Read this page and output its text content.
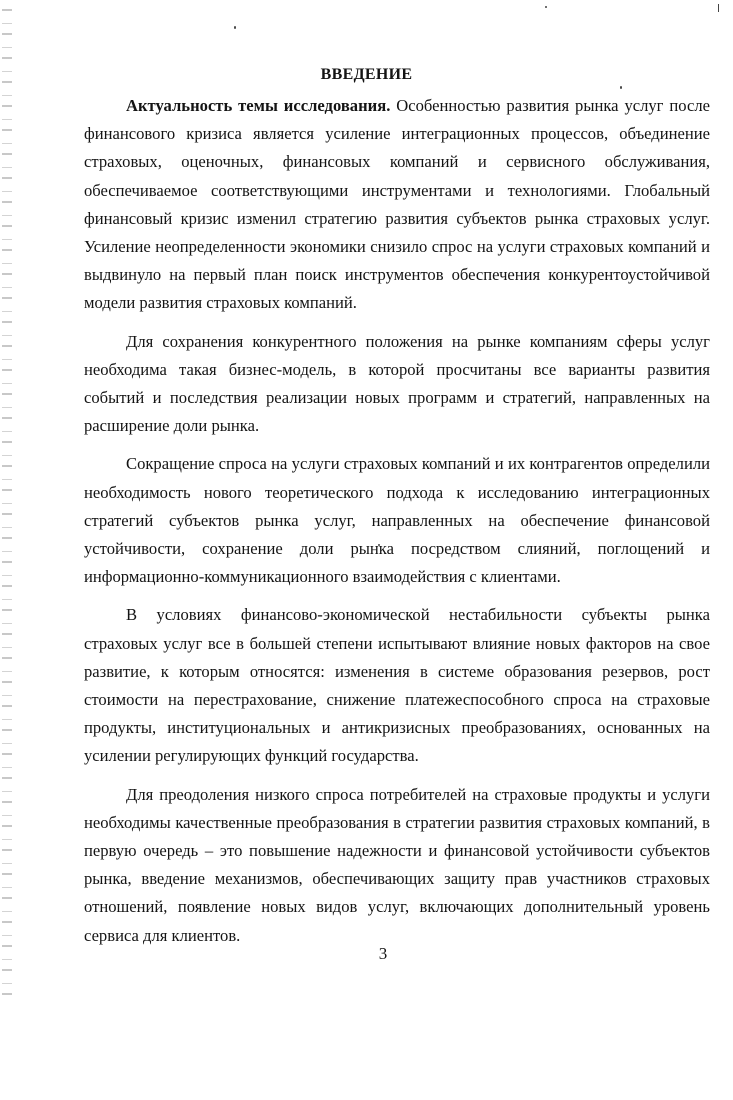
ВВЕДЕНИЕ

Актуальность темы исследования. Особенностью развития рынка услуг после финансового кризиса является усиление интеграционных процессов, объединение страховых, оценочных, финансовых компаний и сервисного обслуживания, обеспечиваемое соответствующими инструментами и технологиями. Глобальный финансовый кризис изменил стратегию развития субъектов рынка страховых услуг. Усиление неопределенности экономики снизило спрос на услуги страховых компаний и выдвинуло на первый план поиск инструментов обеспечения конкурентоустойчивой модели развития страховых компаний.

Для сохранения конкурентного положения на рынке компаниям сферы услуг необходима такая бизнес-модель, в которой просчитаны все варианты развития событий и последствия реализации новых программ и стратегий, направленных на расширение доли рынка.

Сокращение спроса на услуги страховых компаний и их контрагентов определили необходимость нового теоретического подхода к исследованию интеграционных стратегий субъектов рынка услуг, направленных на обеспечение финансовой устойчивости, сохранение доли рынка посредством слияний, поглощений и информационно-коммуникационного взаимодействия с клиентами.

В условиях финансово-экономической нестабильности субъекты рынка страховых услуг все в большей степени испытывают влияние новых факторов на свое развитие, к которым относятся: изменения в системе образования резервов, рост стоимости на перестрахование, снижение платежеспособного спроса на страховые продукты, институциональных и антикризисных преобразованиях, основанных на усилении регулирующих функций государства.

Для преодоления низкого спроса потребителей на страховые продукты и услуги необходимы качественные преобразования в стратегии развития страховых компаний, в первую очередь – это повышение надежности и финансовой устойчивости субъектов рынка, введение механизмов, обеспечивающих защиту прав участников страховых отношений, появление новых видов услуг, включающих дополнительный уровень сервиса для клиентов.

3
